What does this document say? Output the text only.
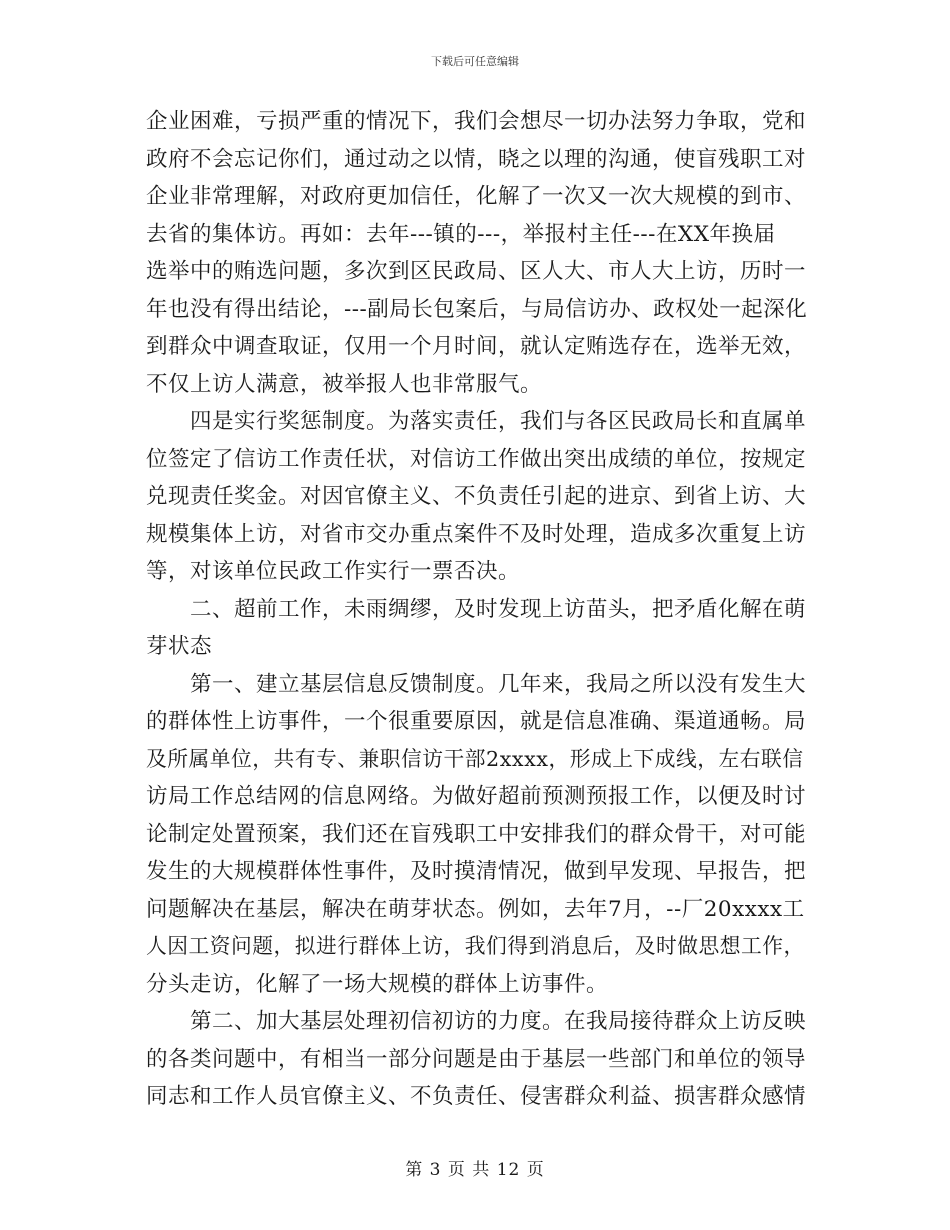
下载后可任意编辑

企业困难，亏损严重的情况下，我们会想尽一切办法努力争取，党和
政府不会忘记你们，通过动之以情，晓之以理的沟通，使盲残职工对
企业非常理解，对政府更加信任，化解了一次又一次大规模的到市、
去省的集体访。再如：去年---镇的---，举报村主任---在XX年换届
选举中的贿选问题，多次到区民政局、区人大、市人大上访，历时一
年也没有得出结论，---副局长包案后，与局信访办、政权处一起深化
到群众中调查取证，仅用一个月时间，就认定贿选存在，选举无效，
不仅上访人满意，被举报人也非常服气。
　　四是实行奖惩制度。为落实责任，我们与各区民政局长和直属单
位签定了信访工作责任状，对信访工作做出突出成绩的单位，按规定
兑现责任奖金。对因官僚主义、不负责任引起的进京、到省上访、大
规模集体上访，对省市交办重点案件不及时处理，造成多次重复上访
等，对该单位民政工作实行一票否决。
　　二、超前工作，未雨绸缪，及时发现上访苗头，把矛盾化解在萌
芽状态
　　第一、建立基层信息反馈制度。几年来，我局之所以没有发生大
的群体性上访事件，一个很重要原因，就是信息准确、渠道通畅。局
及所属单位，共有专、兼职信访干部2xxxx，形成上下成线，左右联信
访局工作总结网的信息网络。为做好超前预测预报工作，以便及时讨
论制定处置预案，我们还在盲残职工中安排我们的群众骨干，对可能
发生的大规模群体性事件，及时摸清情况，做到早发现、早报告，把
问题解决在基层，解决在萌芽状态。例如，去年7月，--厂20xxxx工
人因工资问题，拟进行群体上访，我们得到消息后，及时做思想工作，
分头走访，化解了一场大规模的群体上访事件。
　　第二、加大基层处理初信初访的力度。在我局接待群众上访反映
的各类问题中，有相当一部分问题是由于基层一些部门和单位的领导
同志和工作人员官僚主义、不负责任、侵害群众利益、损害群众感情

第 3 页 共 12 页
